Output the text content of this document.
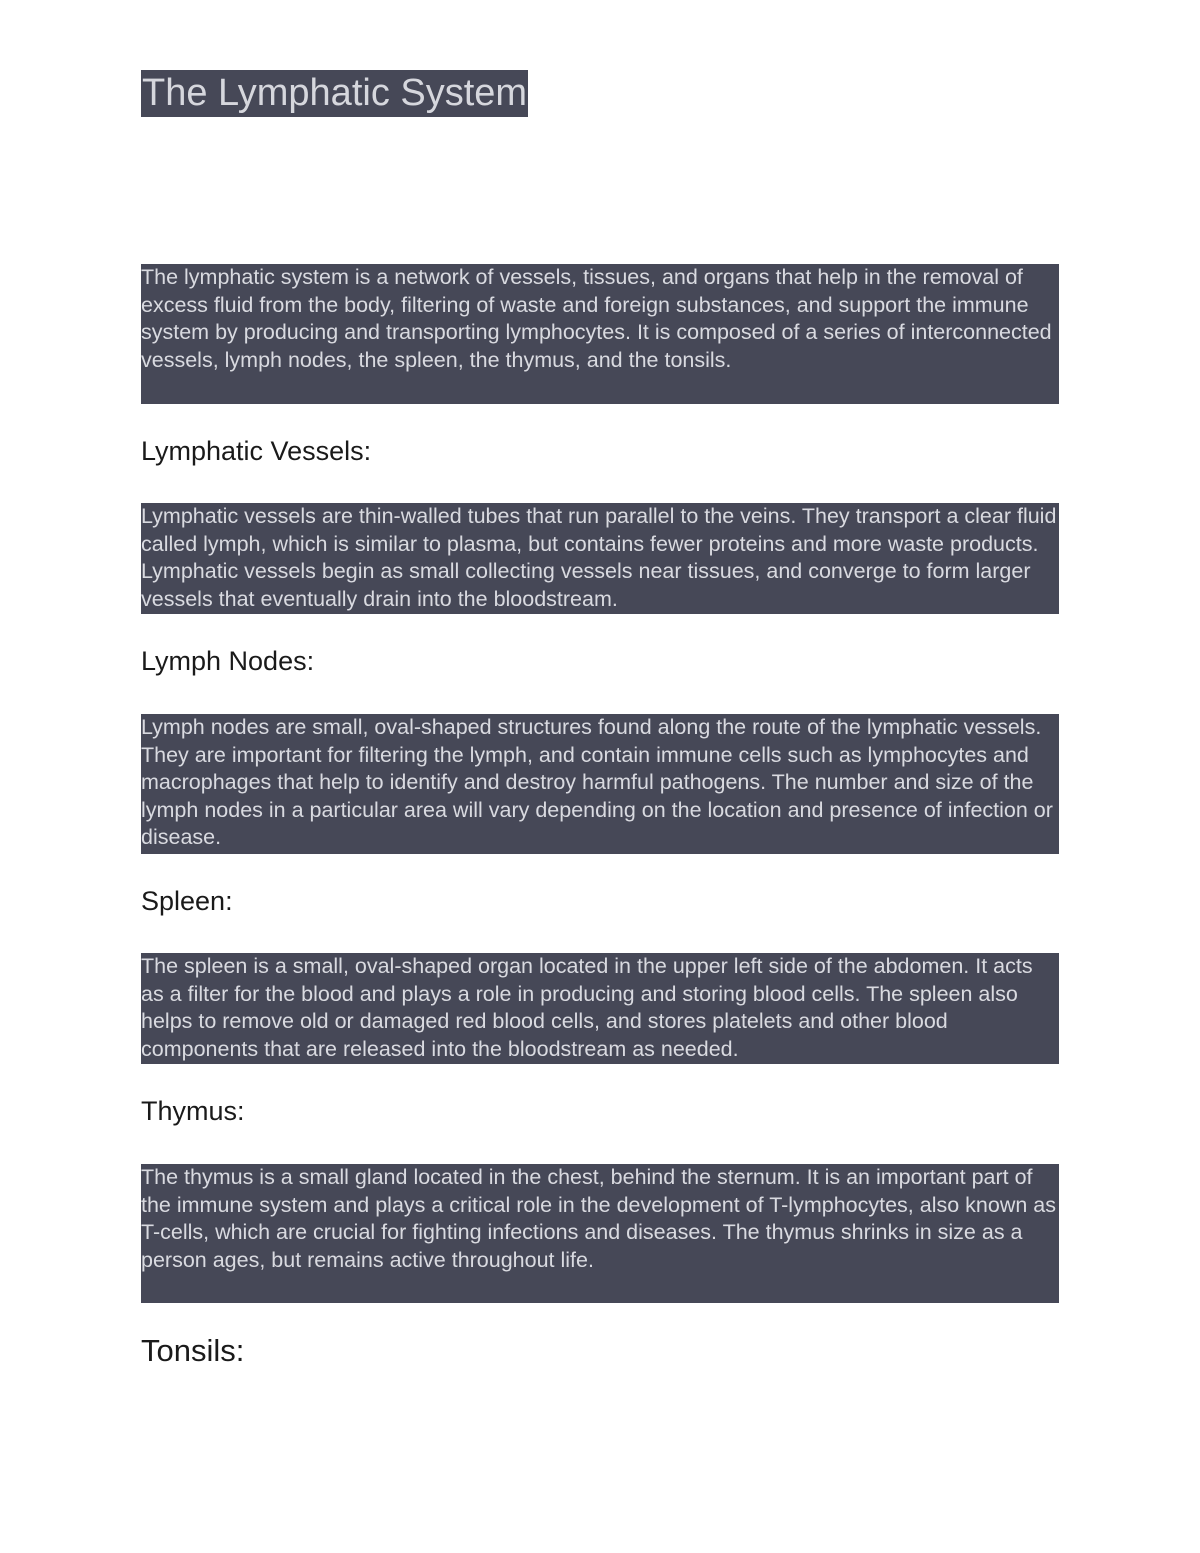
The Lymphatic System

The lymphatic system is a network of vessels, tissues, and organs that help in the removal of excess fluid from the body, filtering of waste and foreign substances, and support the immune system by producing and transporting lymphocytes. It is composed of a series of interconnected vessels, lymph nodes, the spleen, the thymus, and the tonsils.

Lymphatic Vessels:

Lymphatic vessels are thin-walled tubes that run parallel to the veins. They transport a clear fluid called lymph, which is similar to plasma, but contains fewer proteins and more waste products. Lymphatic vessels begin as small collecting vessels near tissues, and converge to form larger vessels that eventually drain into the bloodstream.

Lymph Nodes:

Lymph nodes are small, oval-shaped structures found along the route of the lymphatic vessels. They are important for filtering the lymph, and contain immune cells such as lymphocytes and macrophages that help to identify and destroy harmful pathogens. The number and size of the lymph nodes in a particular area will vary depending on the location and presence of infection or disease.

Spleen:

The spleen is a small, oval-shaped organ located in the upper left side of the abdomen. It acts as a filter for the blood and plays a role in producing and storing blood cells. The spleen also helps to remove old or damaged red blood cells, and stores platelets and other blood components that are released into the bloodstream as needed.

Thymus:

The thymus is a small gland located in the chest, behind the sternum. It is an important part of the immune system and plays a critical role in the development of T-lymphocytes, also known as T-cells, which are crucial for fighting infections and diseases. The thymus shrinks in size as a person ages, but remains active throughout life.

Tonsils:
